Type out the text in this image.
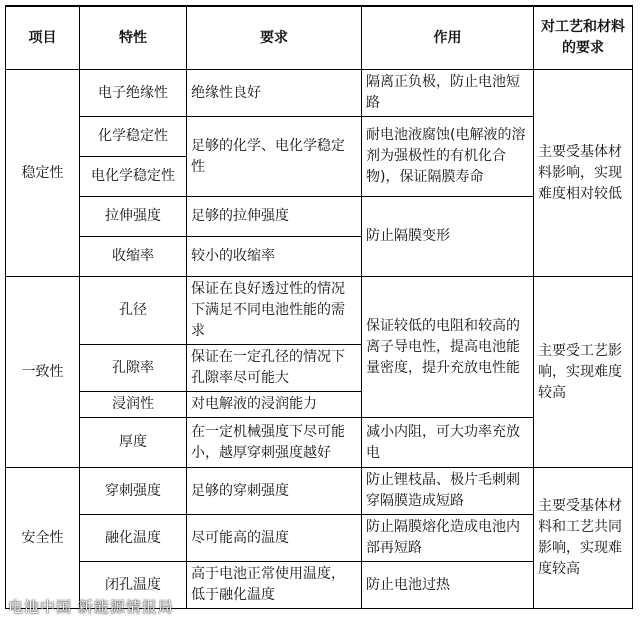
项目	特性	要求	作用	对工艺和材料的要求
稳定性	电子绝缘性	绝缘性良好	隔离正负极，防止电池短路	主要受基体材料影响，实现难度相对较低
	化学稳定性	足够的化学、电化学稳定性	耐电池液腐蚀(电解液的溶剂为强极性的有机化合物)，保证隔膜寿命	
	电化学稳定性			
	拉伸强度	足够的拉伸强度	防止隔膜变形	
	收缩率	较小的收缩率		
一致性	孔径	保证在良好透过性的情况下满足不同电池性能的需求	保证较低的电阻和较高的离子导电性，提高电池能量密度，提升充放电性能	主要受工艺影响，实现难度较高
	孔隙率	保证在一定孔径的情况下孔隙率尽可能大		
	浸润性	对电解液的浸润能力		
	厚度	在一定机械强度下尽可能小，越厚穿刺强度越好	减小内阻，可大功率充放电	
安全性	穿刺强度	足够的穿刺强度	防止锂枝晶、极片毛刺刺穿隔膜造成短路	主要受基体材料和工艺共同影响，实现难度较高
	融化温度	尽可能高的温度	防止隔膜熔化造成电池内部再短路	
	闭孔温度	高于电池正常使用温度，低于融化温度	防止电池过热	
电池中国 新能源情报局
